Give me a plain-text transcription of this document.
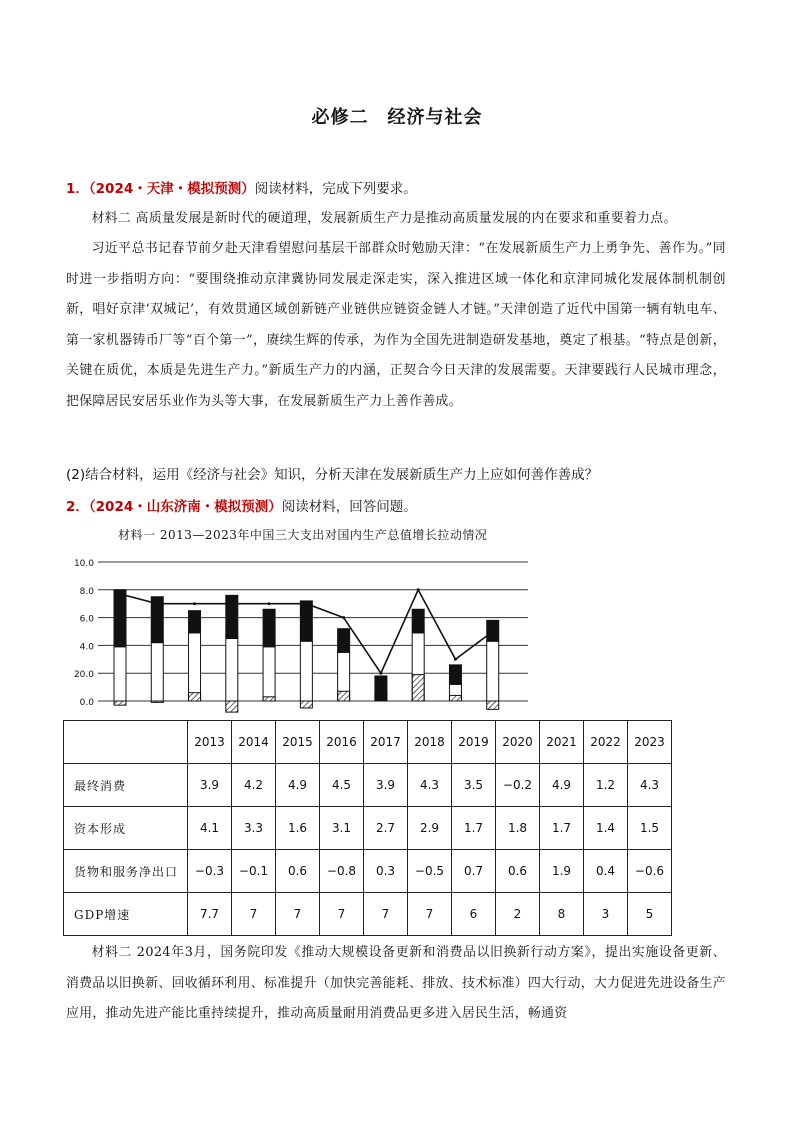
必修二　经济与社会
1．（2024・天津・模拟预测）阅读材料，完成下列要求。
材料二 高质量发展是新时代的硬道理，发展新质生产力是推动高质量发展的内在要求和重要着力点。
习近平总书记春节前夕赴天津看望慰问基层干部群众时勉励天津：“在发展新质生产力上勇争先、善作为。”同时进一步指明方向：“要围绕推动京津冀协同发展走深走实，深入推进区域一体化和京津同城化发展体制机制创新，唱好京津‘双城记’，有效贯通区域创新链产业链供应链资金链人才链。”天津创造了近代中国第一辆有轨电车、第一家机器铸币厂等“百个第一”，赓续生辉的传承，为作为全国先进制造研发基地，奠定了根基。“特点是创新，关键在质优，本质是先进生产力。”新质生产力的内涵，正契合今日天津的发展需要。天津要践行人民城市理念，把保障居民安居乐业作为头等大事，在发展新质生产力上善作善成。
(2)结合材料，运用《经济与社会》知识，分析天津在发展新质生产力上应如何善作善成？
2．（2024・山东济南・模拟预测）阅读材料，回答问题。
材料一 2013—2023年中国三大支出对国内生产总值增长拉动情况
10.0
8.0
6.0
4.0
20.0
0.0
	2013	2014	2015	2016	2017	2018	2019	2020	2021	2022	2023
最终消费	3.9	4.2	4.9	4.5	3.9	4.3	3.5	−0.2	4.9	1.2	4.3
资本形成	4.1	3.3	1.6	3.1	2.7	2.9	1.7	1.8	1.7	1.4	1.5
货物和服务净出口	−0.3	−0.1	0.6	−0.8	0.3	−0.5	0.7	0.6	1.9	0.4	−0.6
GDP增速	7.7	7	7	7	7	7	6	2	8	3	5
材料二 2024年3月，国务院印发《推动大规模设备更新和消费品以旧换新行动方案》，提出实施设备更新、消费品以旧换新、回收循环利用、标准提升（加快完善能耗、排放、技术标准）四大行动，大力促进先进设备生产应用，推动先进产能比重持续提升，推动高质量耐用消费品更多进入居民生活，畅通资
